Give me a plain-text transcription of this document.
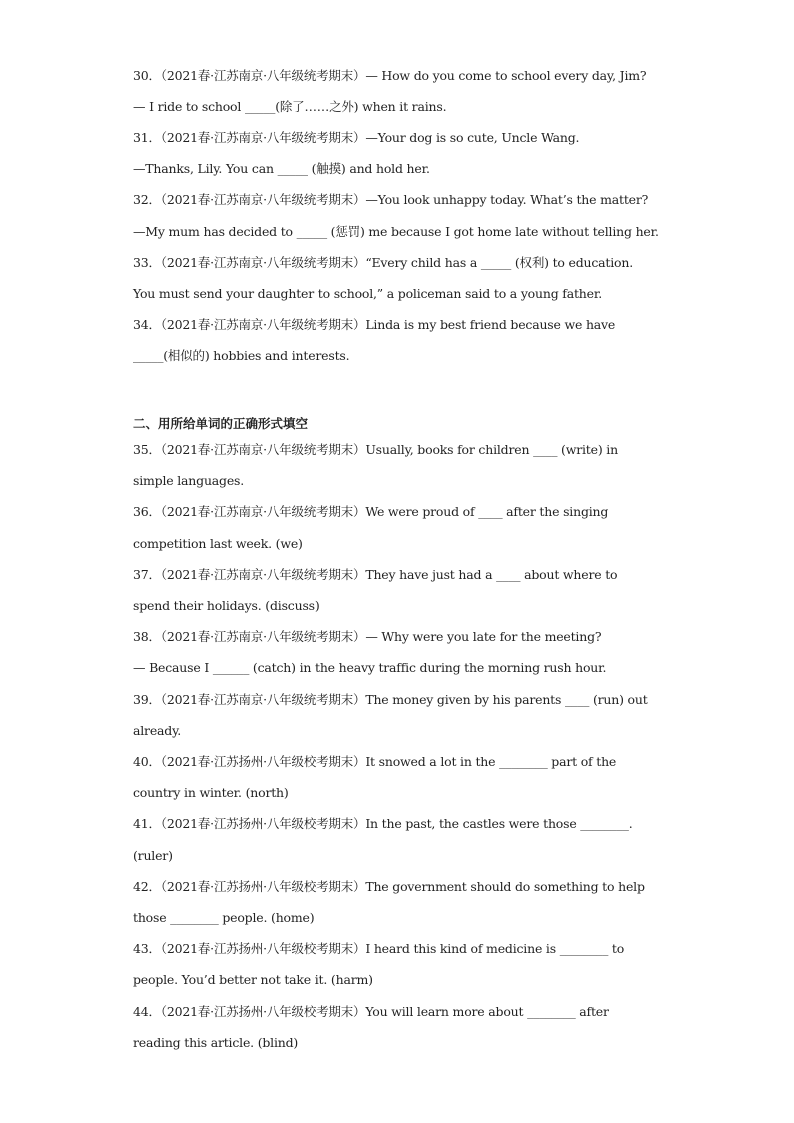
30．（2021春·江苏南京·八年级统考期末）— How do you come to school every day, Jim?
— I ride to school _____(除了……之外) when it rains.
31．（2021春·江苏南京·八年级统考期末）—Your dog is so cute, Uncle Wang.
—Thanks, Lily. You can _____ (触摸) and hold her.
32．（2021春·江苏南京·八年级统考期末）—You look unhappy today. What’s the matter?
—My mum has decided to _____ (惩罚) me because I got home late without telling her.
33．（2021春·江苏南京·八年级统考期末）“Every child has a _____ (权利) to education.
You must send your daughter to school,” a policeman said to a young father.
34．（2021春·江苏南京·八年级统考期末）Linda is my best friend because we have
_____(相似的) hobbies and interests.
二、用所给单词的正确形式填空
35．（2021春·江苏南京·八年级统考期末）Usually, books for children ____ (write) in
simple languages.
36．（2021春·江苏南京·八年级统考期末）We were proud of ____ after the singing
competition last week. (we)
37．（2021春·江苏南京·八年级统考期末）They have just had a ____ about where to
spend their holidays. (discuss)
38．（2021春·江苏南京·八年级统考期末）— Why were you late for the meeting?
— Because I ______ (catch) in the heavy traffic during the morning rush hour.
39．（2021春·江苏南京·八年级统考期末）The money given by his parents ____ (run) out
already.
40．（2021春·江苏扬州·八年级校考期末）It snowed a lot in the ________ part of the
country in winter. (north)
41．（2021春·江苏扬州·八年级校考期末）In the past, the castles were those ________.
(ruler)
42．（2021春·江苏扬州·八年级校考期末）The government should do something to help
those ________ people. (home)
43．（2021春·江苏扬州·八年级校考期末）I heard this kind of medicine is ________ to
people. You’d better not take it. (harm)
44．（2021春·江苏扬州·八年级校考期末）You will learn more about ________ after
reading this article. (blind)
